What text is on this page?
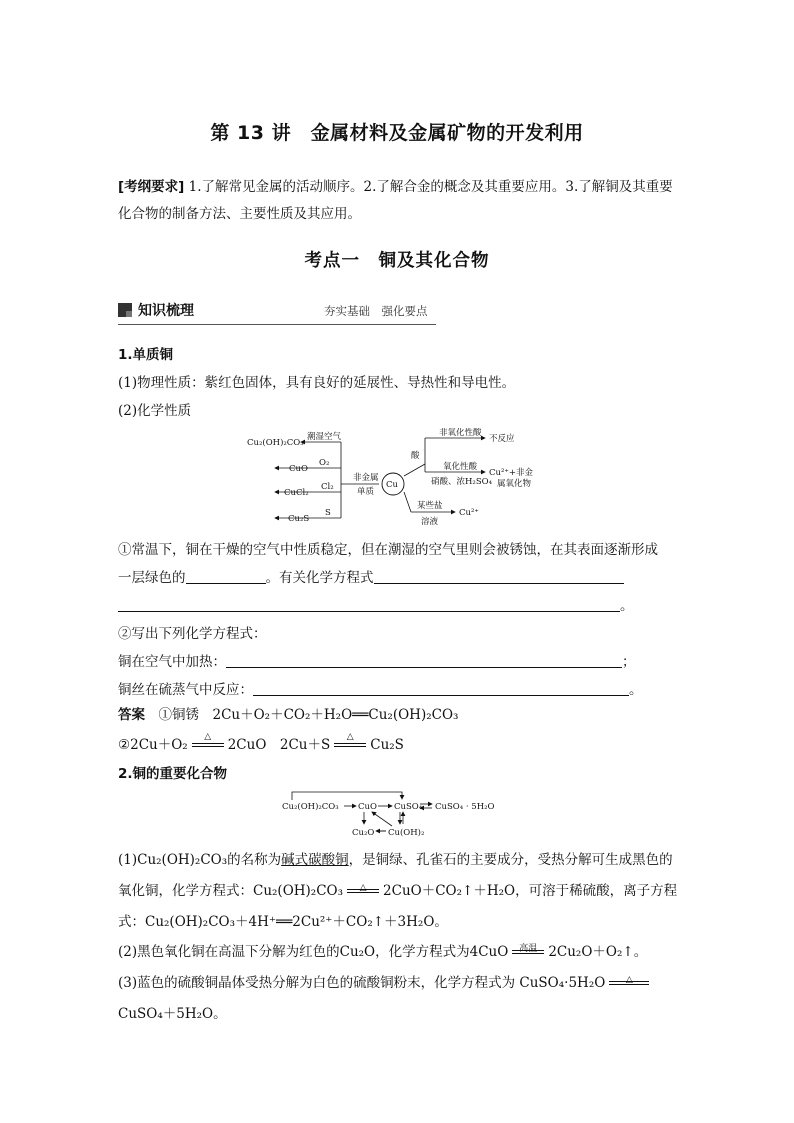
第 13 讲　金属材料及金属矿物的开发利用
[考纲要求] 1.了解常见金属的活动顺序。2.了解合金的概念及其重要应用。3.了解铜及其重要化合物的制备方法、主要性质及其应用。
考点一　铜及其化合物
知识梳理	夯实基础　强化要点
1.单质铜
(1)物理性质：紫红色固体，具有良好的延展性、导热性和导电性。
(2)化学性质
Cu₂(OH)₂CO₃
潮湿空气
CuO
O₂
CuCl₂
Cl₂
Cu₂S
S
非金属
单质
Cu
酸
非氧化性酸
不反应
氧化性酸
硝酸、浓H₂SO₄
Cu²⁺+非金
属氧化物
某些盐
溶液
Cu²⁺
①常温下，铜在干燥的空气中性质稳定，但在潮湿的空气里则会被锈蚀，在其表面逐渐形成
一层绿色的	。有关化学方程式
。
②写出下列化学方程式：
铜在空气中加热：	；
铜丝在硫蒸气中反应：	。
答案　 ①铜锈　2Cu＋O₂＋CO₂＋H₂O══Cu₂(OH)₂CO₃
②2Cu＋O₂	△	2CuO　2Cu＋S	△	Cu₂S
2.铜的重要化合物
Cu₂(OH)₂CO₃ CuO CuSO₄ CuSO₄ · 5H₂O
Cu₂O Cu(OH)₂
(1)Cu₂(OH)₂CO₃的名称为碱式碳酸铜，是铜绿、孔雀石的主要成分，受热分解可生成黑色的氧化铜，化学方程式：Cu₂(OH)₂CO₃	△	2CuO＋CO₂↑＋H₂O，可溶于稀硫酸，离子方程式：Cu₂(OH)₂CO₃＋4H⁺══2Cu²⁺＋CO₂↑＋3H₂O。
(2)黑色氧化铜在高温下分解为红色的Cu₂O，化学方程式为4CuO	高温 2Cu₂O＋O₂↑。
(3)蓝色的硫酸铜晶体受热分解为白色的硫酸铜粉末，化学方程式为 CuSO₄·5H₂O	△

CuSO₄＋5H₂O。
